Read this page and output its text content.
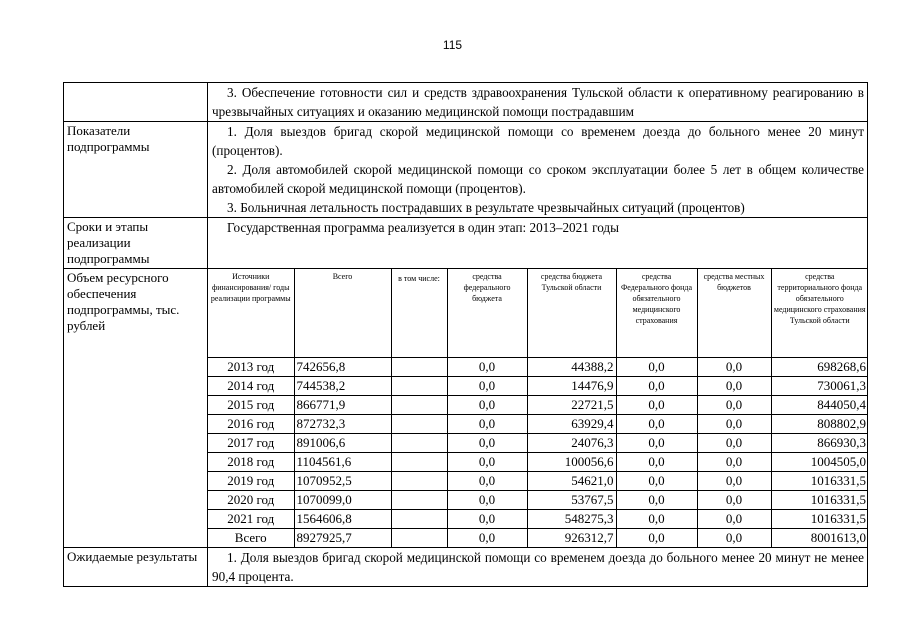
115

3. Обеспечение готовности сил и средств здравоохранения Тульской области к оперативному реагированию в чрезвычайных ситуациях и оказанию медицинской помощи пострадавшим

Показатели подпрограммы	
1. Доля выездов бригад скорой медицинской помощи со временем доезда до больного менее 20 минут (процентов).
2. Доля автомобилей скорой медицинской помощи со сроком эксплуатации более 5 лет в общем количестве автомобилей скорой медицинской помощи (процентов).
3. Больничная летальность пострадавших в результате чрезвычайных ситуаций (процентов)

Сроки и этапы реализации подпрограммы	
Государственная программа реализуется в один этап: 2013–2021 годы

Объем ресурсного обеспечения подпрограммы, тыс. рублей	
Источники финансирования/ годы реализации программы	Всего	в том числе:	средства федерального бюджета	средства бюджета Тульской области	средства Федерального фонда обязательного медицинского страхования	средства местных бюджетов	средства территориального фонда обязательного медицинского страхования Тульской области
2013 год	742656,8		0,0	44388,2	0,0	0,0	698268,6
2014 год	744538,2		0,0	14476,9	0,0	0,0	730061,3
2015 год	866771,9		0,0	22721,5	0,0	0,0	844050,4
2016 год	872732,3		0,0	63929,4	0,0	0,0	808802,9
2017 год	891006,6		0,0	24076,3	0,0	0,0	866930,3
2018 год	1104561,6		0,0	100056,6	0,0	0,0	1004505,0
2019 год	1070952,5		0,0	54621,0	0,0	0,0	1016331,5
2020 год	1070099,0		0,0	53767,5	0,0	0,0	1016331,5
2021 год	1564606,8		0,0	548275,3	0,0	0,0	1016331,5
Всего	8927925,7		0,0	926312,7	0,0	0,0	8001613,0

Ожидаемые результаты	1. Доля выездов бригад скорой медицинской помощи со временем доезда до больного менее 20 минут не менее 90,4 процента.
